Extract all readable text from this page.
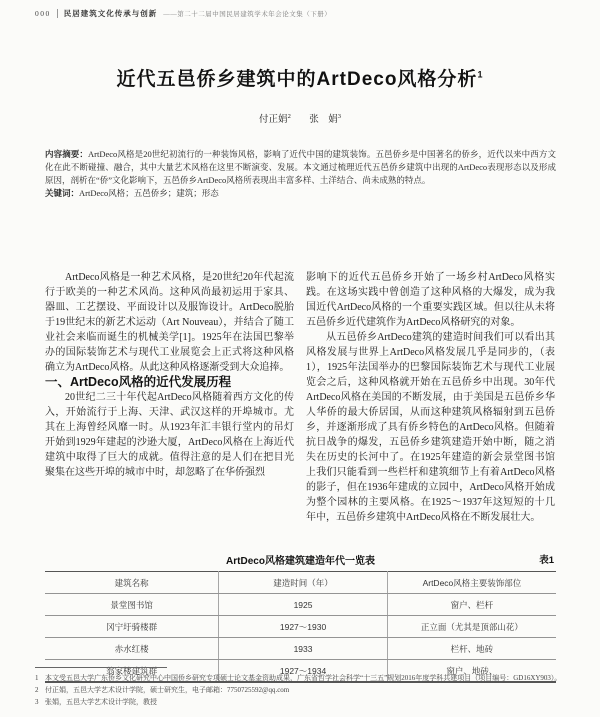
000 民居建筑文化传承与创新 ——第二十二届中国民居建筑学术年会论文集（下册）
近代五邑侨乡建筑中的ArtDeco风格分析$^1$
付正娟$^2$ 张　娟$^3$

内容摘要：ArtDeco风格是20世纪初流行的一种装饰风格，影响了近代中国的建筑装饰。五邑侨乡是中国著名的侨乡，近代以来中西方文化在此不断碰撞、融合，其中大量艺术风格在这里不断演变、发展。本文通过梳理近代五邑侨乡建筑中出现的ArtDeco表现形态以及形成原因，剖析在“侨”文化影响下，五邑侨乡ArtDeco风格所表现出丰富多样、土洋结合、尚未成熟的特点。

关键词：ArtDeco风格；五邑侨乡；建筑；形态

ArtDeco风格是一种艺术风格，是20世纪20年代起流行于欧美的一种艺术风尚。这种风尚最初运用于家具、器皿、工艺摆设、平面设计以及服饰设计。ArtDeco脱胎于19世纪末的新艺术运动（Art Nouveau），并结合了随工业社会来临而诞生的机械美学[1]。1925年在法国巴黎举办的国际装饰艺术与现代工业展览会上正式将这种风格确立为ArtDeco风格。从此这种风格逐渐受到大众追捧。

一、ArtDeco风格的近代发展历程

20世纪二三十年代起ArtDeco风格随着西方文化的传入，开始流行于上海、天津、武汉这样的开埠城市。尤其在上海曾经风靡一时。从1923年汇丰银行堂内的吊灯开始到1929年建起的沙逊大厦，ArtDeco风格在上海近代建筑中取得了巨大的成就。值得注意的是人们在把目光聚集在这些开埠的城市中时，却忽略了在华侨强烈

影响下的近代五邑侨乡开始了一场乡村ArtDeco风格实践。在这场实践中曾创造了这种风格的大爆发，成为我国近代ArtDeco风格的一个重要实践区域。但以往从未将五邑侨乡近代建筑作为ArtDeco风格研究的对象。

从五邑侨乡ArtDeco建筑的建造时间我们可以看出其风格发展与世界上ArtDeco风格发展几乎是同步的，（表1），1925年法国举办的巴黎国际装饰艺术与现代工业展览会之后，这种风格就开始在五邑侨乡中出现。30年代ArtDeco风格在美国的不断发展，由于美国是五邑侨乡华人华侨的最大侨居国，从而这种建筑风格辐射到五邑侨乡，并逐渐形成了具有侨乡特色的ArtDeco风格。但随着抗日战争的爆发，五邑侨乡建筑建造开始中断，随之消失在历史的长河中了。在1925年建造的新会景堂图书馆上我们只能看到一些栏杆和建筑细节上有着ArtDeco风格的影子，但在1936年建成的立园中，ArtDeco风格开始成为整个园林的主要风格。在1925～1937年这短短的十几年中，五邑侨乡建筑中ArtDeco风格在不断发展壮大。

ArtDeco风格建筑建造年代一览表	表1
建筑名称	建造时间（年）	ArtDeco风格主要装饰部位
景堂图书馆	1925	窗户、栏杆
冈宁圩骑楼群	1927～1930	正立面（尤其是顶部山花）
赤水红楼	1933	栏杆、地砖
翁家楼建筑群	1927～1934	窗户、地砖、
1 本文受五邑大学广东侨乡文化研究中心中国侨乡研究专项硕士论文基金资助成果，广东省哲学社会科学“十三五”规划2016年度学科共建项目（项目编号：GD16XY903）。
2 付正娟，五邑大学艺术设计学院，硕士研究生，电子邮箱：7750725592@qq.com
3 张娟，五邑大学艺术设计学院，教授
